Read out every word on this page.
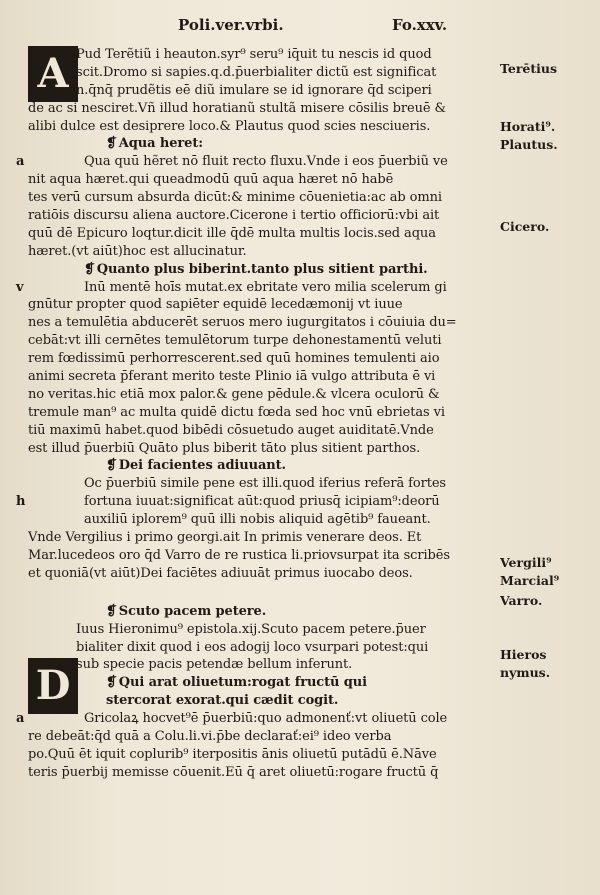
Poli.ver.vrbi.	Fo.xxv.
A Pud Terẽtiũ i heauton.syr⁹ seru⁹ iq̄uit tu nescis id quod
scit.Dromo si sapies.q.d.p̄uerbialiter dictũ est significat
n.q̄nq̄ prudẽtis eē diũ imulare se id ignorare q̄d sciperi
de ac si nesciret.Vñ illud horatianũ stultã misere cōsilis breuē &
alibi dulce est desiprere loco.& Plautus quod scies nesciueris.
❡ Aqua heret:
a	Qua quū hẽret nō fluit recto fluxu.Vnde i eos p̄uerbiũ ve
nit aqua hæret.qui queadmodū quū aqua hæret nō habē
tes verū cursum absurda dicūt:& minime cōuenietia:ac ab omni
ratiōis discursu aliena auctore.Cicerone i tertio officiorū:vbi ait
quū dē Epicuro loqtur.dicit ille q̄dē multa multis locis.sed aqua
hæret.(vt aiūt)hoc est allucinatur.
❡ Quanto plus biberint.tanto plus sitient parthi.
v	Inū mentē hoīs mutat.ex ebritate vero milia scelerum gi
gnūtur propter quod sapiēter equidē lecedæmonij vt iuue
nes a temulētia abducerēt seruos mero iugurgitatos i cōuiuia du=
cebāt:vt illi cernētes temulētorum turpe dehonestamentū veluti
rem fœdissimū perhorrescerent.sed quū homines temulenti aio
animi secreta p̄ferant merito teste Plinio iā vulgo attributa ē vi
no veritas.hic etiā mox palor.& gene pēdule.& vlcera oculorū &
tremule man⁹ ac multa quidē dictu fœda sed hoc vnū ebrietas vi
tiū maximū habet.quod bibēdi cōsuetudo auget auiditatē.Vnde
est illud p̄uerbiū Quāto plus biberit tāto plus sitient parthos.
❡ Dei facientes adiuuant.
Oc p̄uerbiū simile pene est illi.quod iferius referā fortes
h	fortuna iuuat:significat aūt:quod priusq̄ icipiam⁹:deorū
auxiliū iplorem⁹ quū illi nobis aliquid agētib⁹ faueant.
Vnde Vergilius i primo georgi.ait In primis venerare deos. Et
Mar.lucedeos oro q̄d Varro de re rustica li.priovsurpat ita scribēs
et quoniā(vt aiūt)Dei faciētes adiuuāt primus iuocabo deos.
❡ Scuto pacem petere.
D
Iuus Hieronimu⁹ epistola.xij.Scuto pacem petere.p̄uer
bialiter dixit quod i eos adogij loco vsurpari potest:qui
sub specie pacis petendæ bellum inferunt.
❡ Qui arat oliuetum:rogat fructū qui
stercorat exorat.qui cædit cogit.
a	Gricolaꝝ hocvet⁹ē p̄uerbiū:quo admonenť:vt oliuetū cole
re debeāt:q̄d quā a Colu.li.vi.p̄be declarať:ei⁹ ideo verba
po.Quū ēt iquit coplurib⁹ iterpositis ānis oliuetū putādū ē.Nāve
teris p̄uerbij memisse cōuenit.Eū q̄ aret oliuetū:rogare fructū q̄
Terētius
Horati⁹.
Plautus.
Cicero.
Vergili⁹
Marcial⁹
Varro.
Hieros
nymus.
